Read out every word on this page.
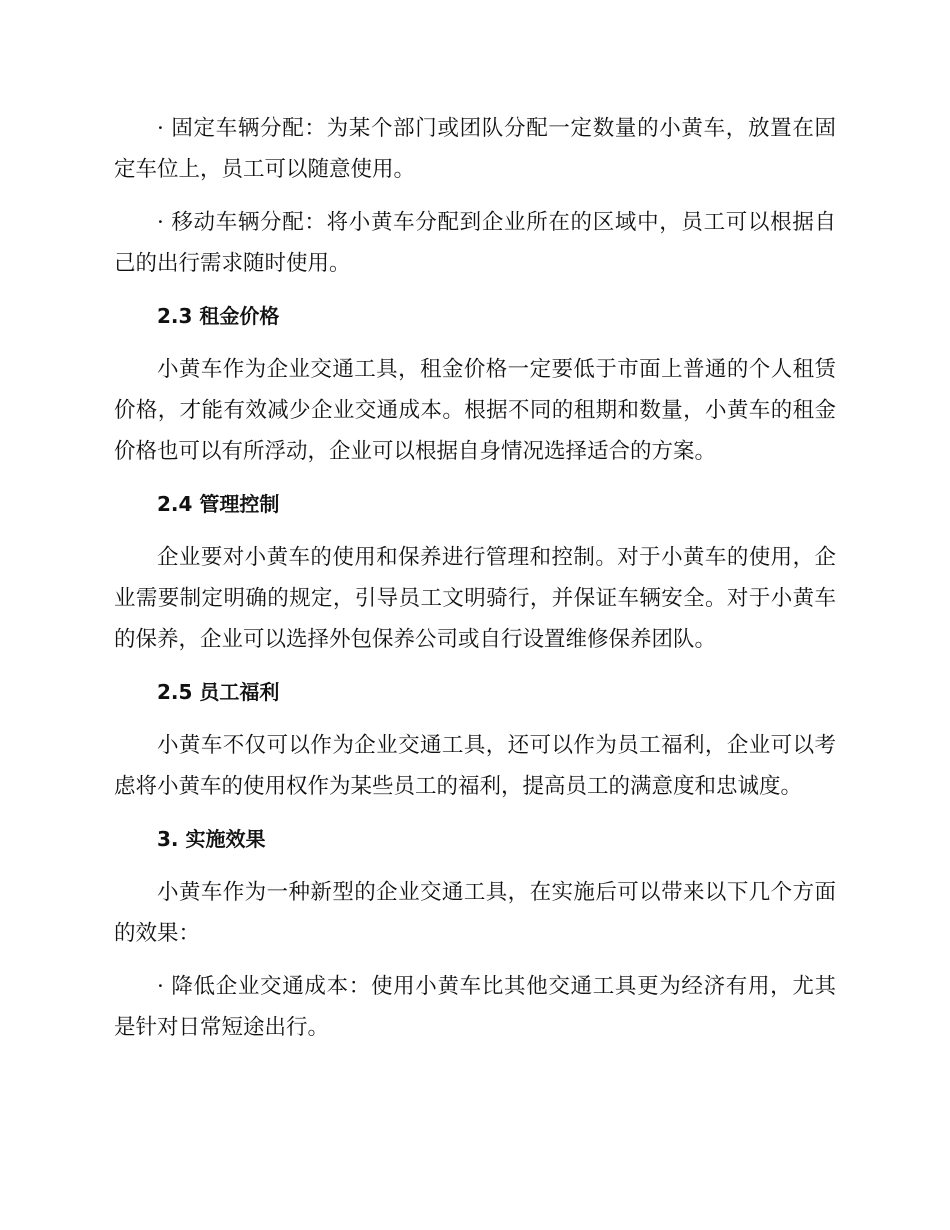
· 固定车辆分配：为某个部门或团队分配一定数量的小黄车，放置在固定车位上，员工可以随意使用。

· 移动车辆分配：将小黄车分配到企业所在的区域中，员工可以根据自己的出行需求随时使用。

2.3 租金价格

小黄车作为企业交通工具，租金价格一定要低于市面上普通的个人租赁价格，才能有效减少企业交通成本。根据不同的租期和数量，小黄车的租金价格也可以有所浮动，企业可以根据自身情况选择适合的方案。

2.4 管理控制

企业要对小黄车的使用和保养进行管理和控制。对于小黄车的使用，企业需要制定明确的规定，引导员工文明骑行，并保证车辆安全。对于小黄车的保养，企业可以选择外包保养公司或自行设置维修保养团队。

2.5 员工福利

小黄车不仅可以作为企业交通工具，还可以作为员工福利，企业可以考虑将小黄车的使用权作为某些员工的福利，提高员工的满意度和忠诚度。

3. 实施效果

小黄车作为一种新型的企业交通工具，在实施后可以带来以下几个方面的效果：

· 降低企业交通成本：使用小黄车比其他交通工具更为经济有用，尤其是针对日常短途出行。
